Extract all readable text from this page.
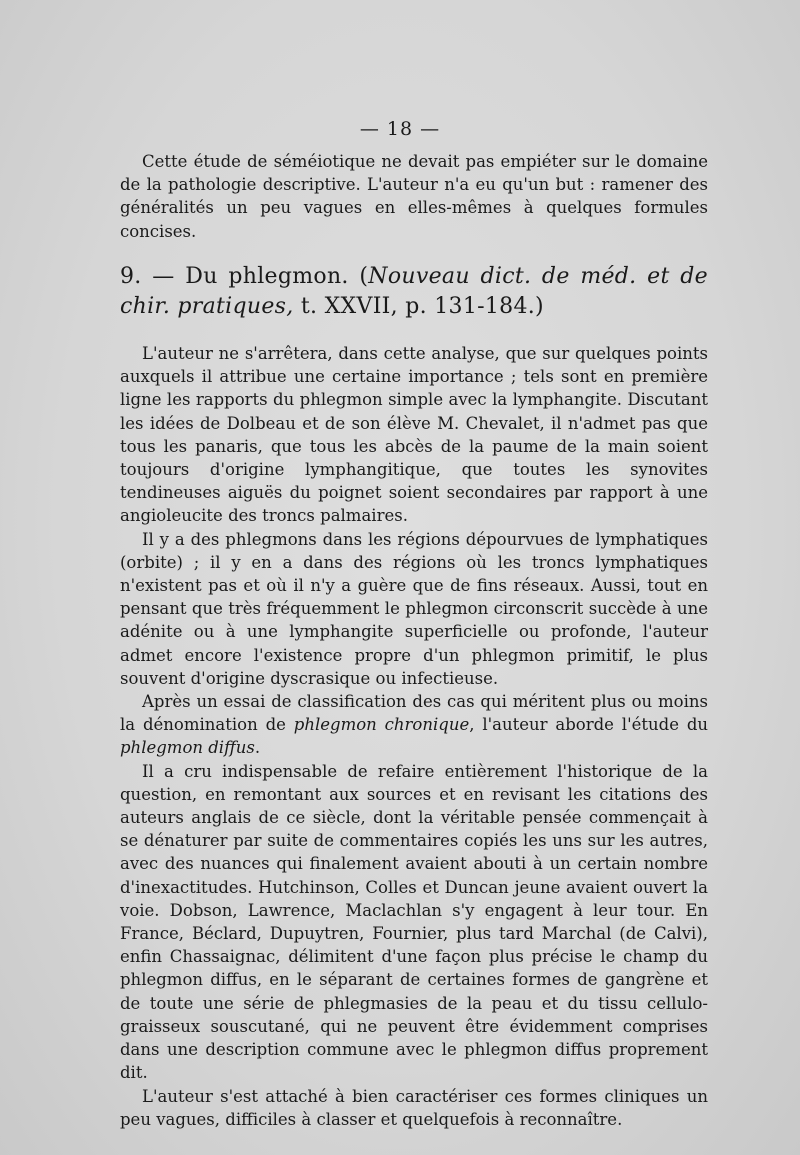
— 18 —

Cette étude de séméiotique ne devait pas empiéter sur le domaine de la pathologie descriptive. L'auteur n'a eu qu'un but : ramener des généralités un peu vagues en elles-mêmes à quelques formules concises.

9. — Du phlegmon. (Nouveau dict. de méd. et de chir. pratiques, t. XXVII, p. 131-184.)

L'auteur ne s'arrêtera, dans cette analyse, que sur quelques points auxquels il attribue une certaine importance ; tels sont en première ligne les rapports du phlegmon simple avec la lymphangite. Discutant les idées de Dolbeau et de son élève M. Chevalet, il n'admet pas que tous les panaris, que tous les abcès de la paume de la main soient toujours d'origine lymphangitique, que toutes les synovites tendineuses aiguës du poignet soient secondaires par rapport à une angioleucite des troncs palmaires.

Il y a des phlegmons dans les régions dépourvues de lymphatiques (orbite) ; il y en a dans des régions où les troncs lymphatiques n'existent pas et où il n'y a guère que de fins réseaux. Aussi, tout en pensant que très fréquemment le phlegmon circonscrit succède à une adénite ou à une lymphangite superficielle ou profonde, l'auteur admet encore l'existence propre d'un phlegmon primitif, le plus souvent d'origine dyscrasique ou infectieuse.

Après un essai de classification des cas qui méritent plus ou moins la dénomination de phlegmon chronique, l'auteur aborde l'étude du phlegmon diffus.

Il a cru indispensable de refaire entièrement l'historique de la question, en remontant aux sources et en revisant les citations des auteurs anglais de ce siècle, dont la véritable pensée commençait à se dénaturer par suite de commentaires copiés les uns sur les autres, avec des nuances qui finalement avaient abouti à un certain nombre d'inexactitudes. Hutchinson, Colles et Duncan jeune avaient ouvert la voie. Dobson, Lawrence, Maclachlan s'y engagent à leur tour. En France, Béclard, Dupuytren, Fournier, plus tard Marchal (de Calvi), enfin Chassaignac, délimitent d'une façon plus précise le champ du phlegmon diffus, en le séparant de certaines formes de gangrène et de toute une série de phlegmasies de la peau et du tissu cellulo-graisseux souscutané, qui ne peuvent être évidemment comprises dans une description commune avec le phlegmon diffus proprement dit.

L'auteur s'est attaché à bien caractériser ces formes cliniques un peu vagues, difficiles à classer et quelquefois à reconnaître.
